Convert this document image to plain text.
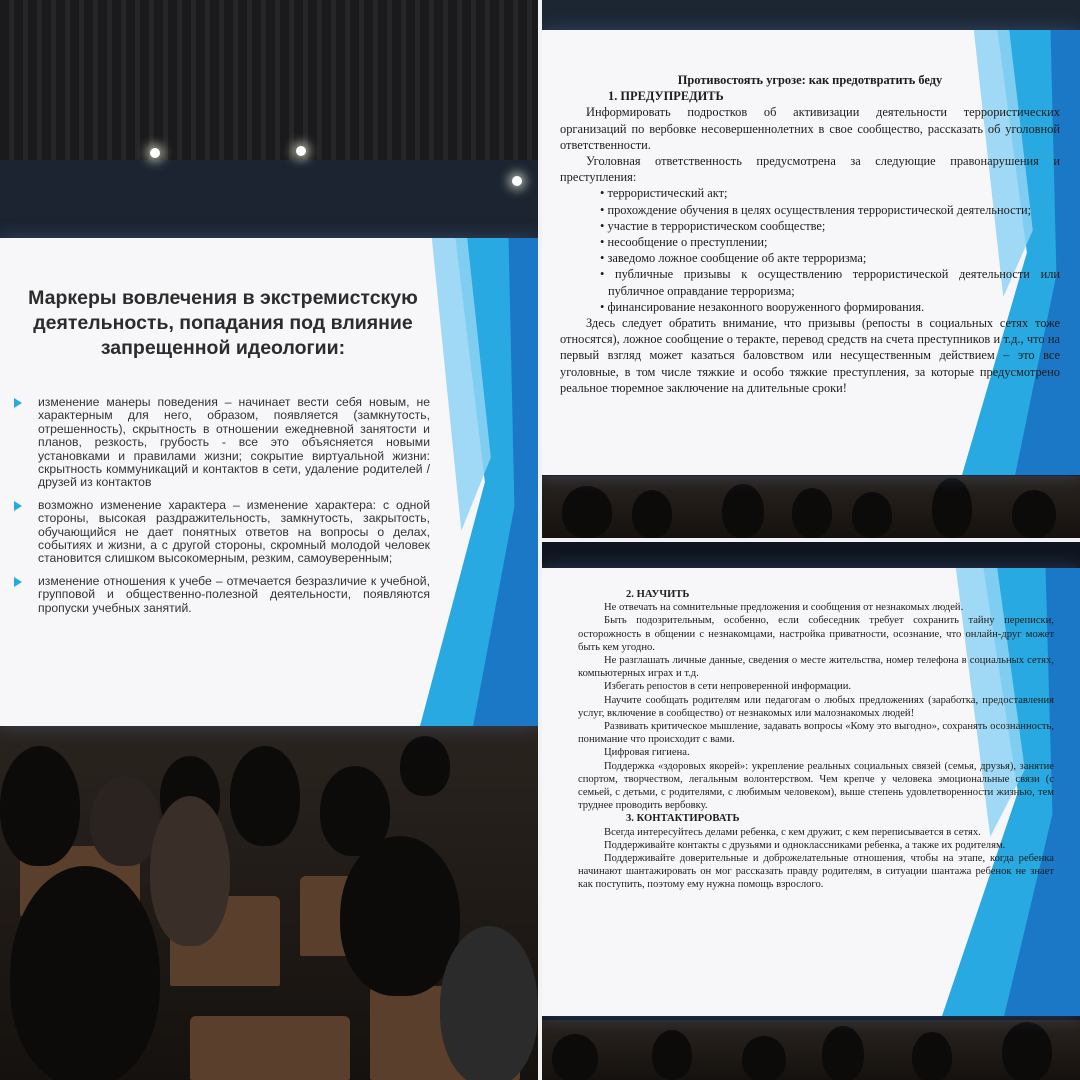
Маркеры вовлечения в экстремистскую деятельность, попадания под влияние запрещенной идеологии:
изменение манеры поведения – начинает вести себя новым, не характерным для него, образом, появляется (замкнутость, отрешенность), скрытность в отношении ежедневной занятости и планов, резкость, грубость - все это объясняется новыми установками и правилами жизни; сокрытие виртуальной жизни: скрытность коммуникаций и контактов в сети, удаление родителей / друзей из контактов
возможно изменение характера – изменение характера: с одной стороны, высокая раздражительность, замкнутость, закрытость, обучающийся не дает понятных ответов на вопросы о делах, событиях и жизни, а с другой стороны, скромный молодой человек становится слишком высокомерным, резким, самоуверенным;
изменение отношения к учебе – отмечается безразличие к учебной, групповой и общественно-полезной деятельности, появляются пропуски учебных занятий.

Противостоять угрозе: как предотвратить беду

1. ПРЕДУПРЕДИТЬ

Информировать подростков об активизации деятельности террористических организаций по вербовке несовершеннолетних в свое сообщество, рассказать об уголовной ответственности.

Уголовная ответственность предусмотрена за следующие правонарушения и преступления:

• террористический акт;

• прохождение обучения в целях осуществления террористической деятельности;

• участие в террористическом сообществе;

• несообщение о преступлении;

• заведомо ложное сообщение об акте терроризма;

• публичные призывы к осуществлению террористической деятельности или публичное оправдание терроризма;

• финансирование незаконного вооруженного формирования.

Здесь следует обратить внимание, что призывы (репосты в социальных сетях тоже относятся), ложное сообщение о теракте, перевод средств на счета преступников и т.д., что на первый взгляд может казаться баловством или несущественным действием – это все уголовные, в том числе тяжкие и особо тяжкие преступления, за которые предусмотрено реальное тюремное заключение на длительные сроки!

2. НАУЧИТЬ

Не отвечать на сомнительные предложения и сообщения от незнакомых людей.

Быть подозрительным, особенно, если собеседник требует сохранить тайну переписки, осторожность в общении с незнакомцами, настройка приватности, осознание, что онлайн-друг может быть кем угодно.

Не разглашать личные данные, сведения о месте жительства, номер телефона в социальных сетях, компьютерных играх и т.д.

Избегать репостов в сети непроверенной информации.

Научите сообщать родителям или педагогам о любых предложениях (заработка, предоставления услуг, включение в сообщество) от незнакомых или малознакомых людей!

Развивать критическое мышление, задавать вопросы «Кому это выгодно», сохранять осознанность, понимание что происходит с вами.

Цифровая гигиена.

Поддержка «здоровых якорей»: укрепление реальных социальных связей (семья, друзья), занятие спортом, творчеством, легальным волонтерством. Чем крепче у человека эмоциональные связи (с семьей, с детьми, с родителями, с любимым человеком), выше степень удовлетворенности жизнью, тем труднее проводить вербовку.

3. КОНТАКТИРОВАТЬ

Всегда интересуйтесь делами ребенка, с кем дружит, с кем переписывается в сетях.

Поддерживайте контакты с друзьями и одноклассниками ребенка, а также их родителям.

Поддерживайте доверительные и доброжелательные отношения, чтобы на этапе, когда ребенка начинают шантажировать он мог рассказать правду родителям, в ситуации шантажа ребенок не знает как поступить, поэтому ему нужна помощь взрослого.
